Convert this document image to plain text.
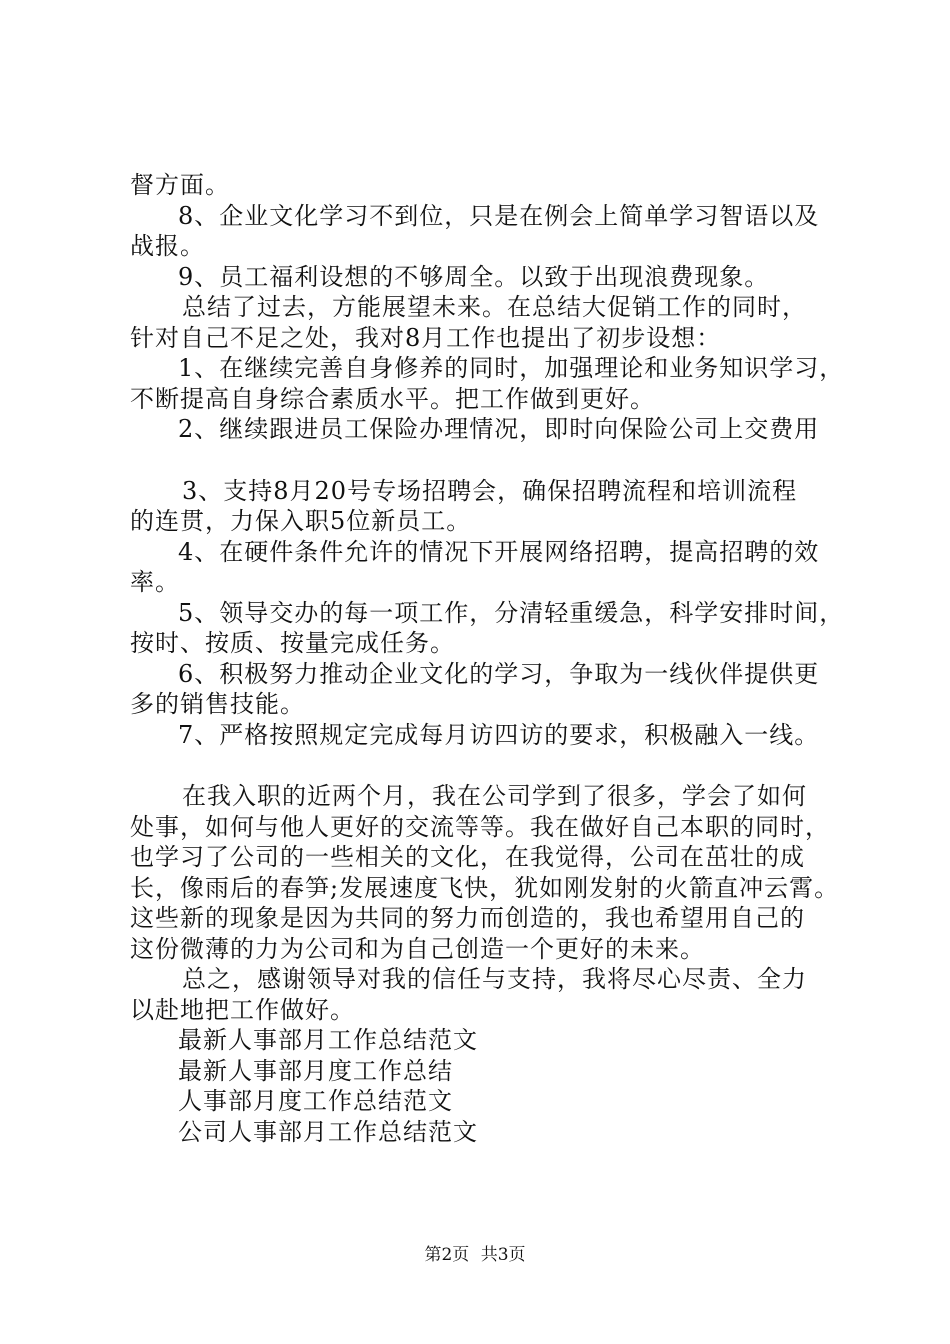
督方面。
8、企业文化学习不到位，只是在例会上简单学习智语以及
战报。
9、员工福利设想的不够周全。以致于出现浪费现象。
总结了过去，方能展望未来。在总结大促销工作的同时，
针对自己不足之处，我对8月工作也提出了初步设想：
1、在继续完善自身修养的同时，加强理论和业务知识学习，
不断提高自身综合素质水平。把工作做到更好。
2、继续跟进员工保险办理情况，即时向保险公司上交费用
3、支持8月20号专场招聘会，确保招聘流程和培训流程
的连贯，力保入职5位新员工。
4、在硬件条件允许的情况下开展网络招聘，提高招聘的效
率。
5、领导交办的每一项工作，分清轻重缓急，科学安排时间，
按时、按质、按量完成任务。
6、积极努力推动企业文化的学习，争取为一线伙伴提供更
多的销售技能。
7、严格按照规定完成每月访四访的要求，积极融入一线。
在我入职的近两个月，我在公司学到了很多，学会了如何
处事，如何与他人更好的交流等等。我在做好自己本职的同时，
也学习了公司的一些相关的文化，在我觉得，公司在茁壮的成
长，像雨后的春笋;发展速度飞快，犹如刚发射的火箭直冲云霄。
这些新的现象是因为共同的努力而创造的，我也希望用自己的
这份微薄的力为公司和为自己创造一个更好的未来。
总之，感谢领导对我的信任与支持，我将尽心尽责、全力
以赴地把工作做好。
最新人事部月工作总结范文
最新人事部月度工作总结
人事部月度工作总结范文
公司人事部月工作总结范文
第2页 共3页
